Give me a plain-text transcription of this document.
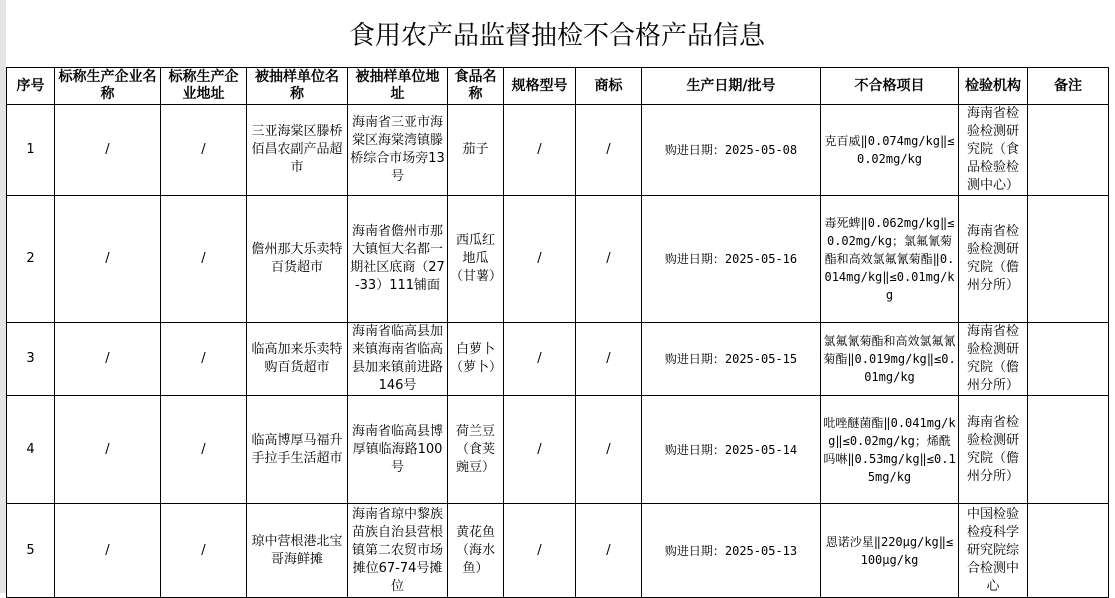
食用农产品监督抽检不合格产品信息
序号	标称生产企业名称	标称生产企业地址	被抽样单位名称	被抽样单位地址	食品名称	规格型号	商标	生产日期/批号	不合格项目	检验机构	备注
1	/	/	三亚海棠区滕桥佰昌农副产品超市	海南省三亚市海棠区海棠湾镇滕桥综合市场旁13号	茄子	/	/	购进日期：2025-05-08	克百威‖0.074mg/kg‖≤0.02mg/kg	海南省检验检测研究院（食品检验检测中心）	
2	/	/	儋州那大乐卖特百货超市	海南省儋州市那大镇恒大名都一期社区底商（27-33）111铺面	西瓜红地瓜（甘薯）	/	/	购进日期：2025-05-16	毒死蜱‖0.062mg/kg‖≤0.02mg/kg；氯氟氰菊酯和高效氯氟氰菊酯‖0.014mg/kg‖≤0.01mg/kg	海南省检验检测研究院（儋州分所）	
3	/	/	临高加来乐卖特购百货超市	海南省临高县加来镇海南省临高县加来镇前进路146号	白萝卜（萝卜）	/	/	购进日期：2025-05-15	氯氟氰菊酯和高效氯氟氰菊酯‖0.019mg/kg‖≤0.01mg/kg	海南省检验检测研究院（儋州分所）	
4	/	/	临高博厚马福升手拉手生活超市	海南省临高县博厚镇临海路100号	荷兰豆（食荚豌豆）	/	/	购进日期：2025-05-14	吡唑醚菌酯‖0.041mg/kg‖≤0.02mg/kg；烯酰吗啉‖0.53mg/kg‖≤0.15mg/kg	海南省检验检测研究院（儋州分所）	
5	/	/	琼中营根港北宝哥海鲜摊	海南省琼中黎族苗族自治县营根镇第二农贸市场摊位67-74号摊位	黄花鱼（海水鱼）	/	/	购进日期：2025-05-13	恩诺沙星‖220μg/kg‖≤100μg/kg	中国检验检疫科学研究院综合检测中心	
